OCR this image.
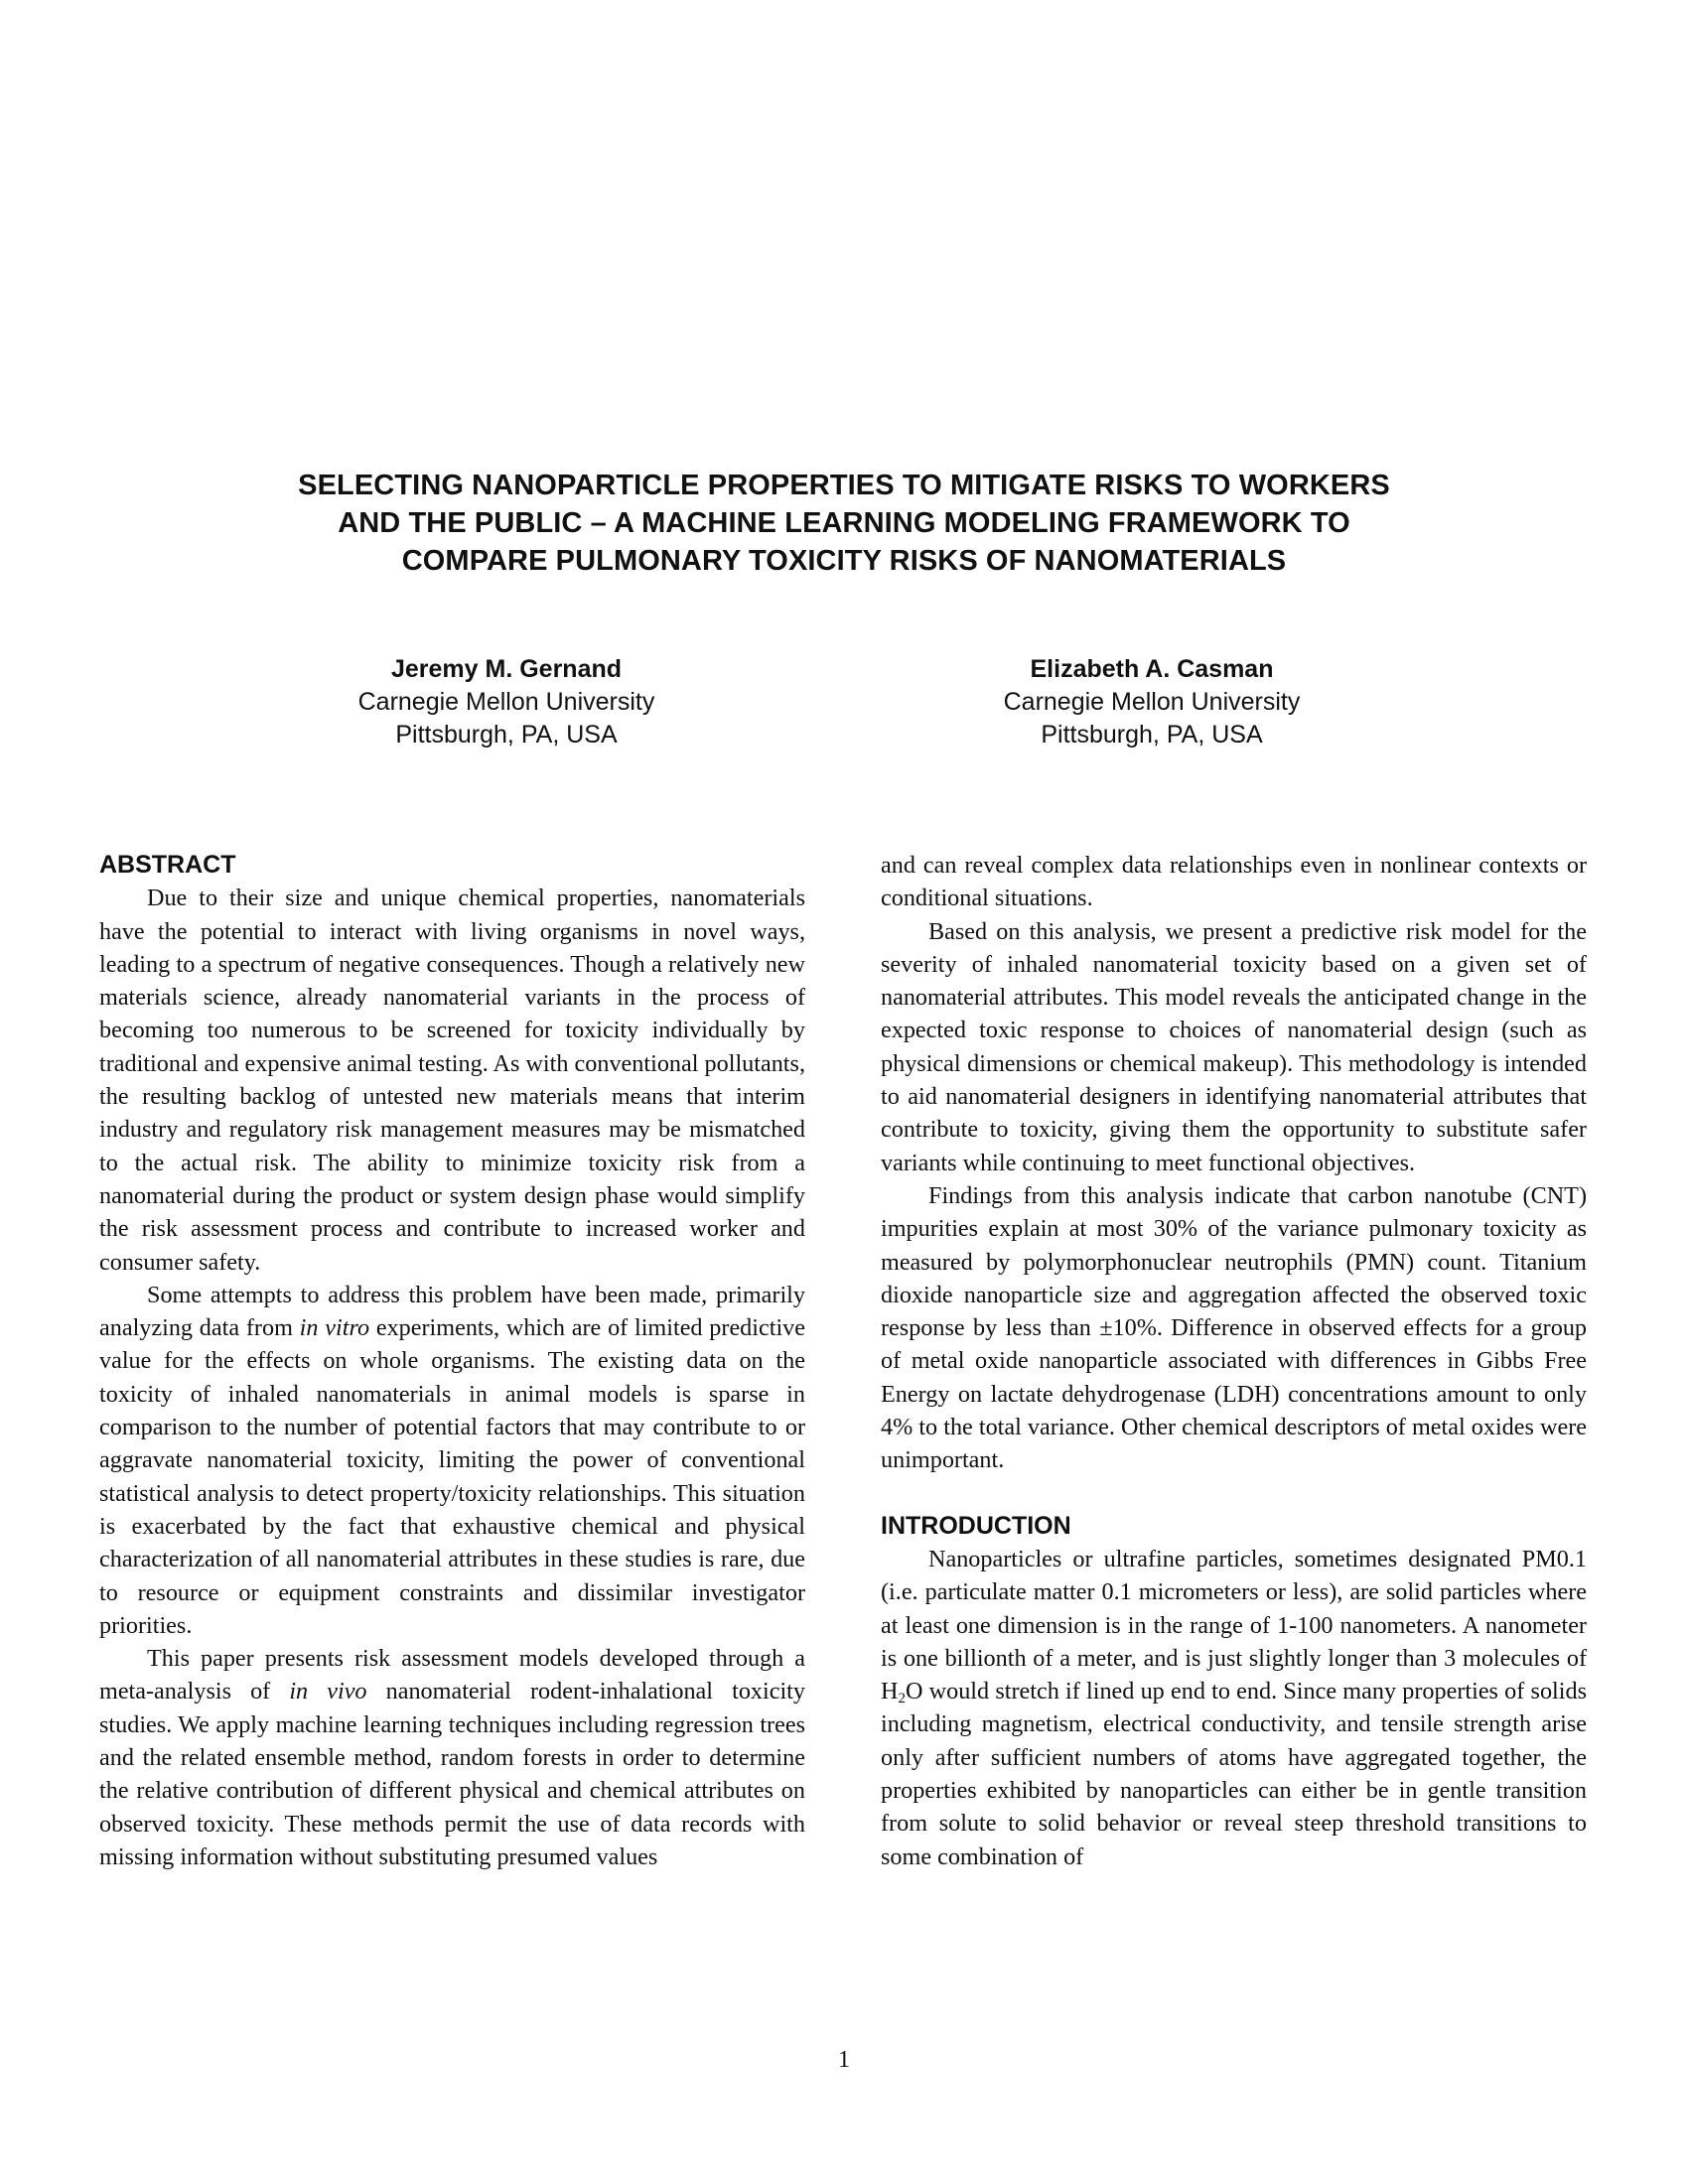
SELECTING NANOPARTICLE PROPERTIES TO MITIGATE RISKS TO WORKERS
AND THE PUBLIC – A MACHINE LEARNING MODELING FRAMEWORK TO
COMPARE PULMONARY TOXICITY RISKS OF NANOMATERIALS
Jeremy M. Gernand
Carnegie Mellon University
Pittsburgh, PA, USA
Elizabeth A. Casman
Carnegie Mellon University
Pittsburgh, PA, USA
ABSTRACT

Due to their size and unique chemical properties, nanomaterials have the potential to interact with living organisms in novel ways, leading to a spectrum of negative consequences. Though a relatively new materials science, already nanomaterial variants in the process of becoming too numerous to be screened for toxicity individually by traditional and expensive animal testing. As with conventional pollutants, the resulting backlog of untested new materials means that interim industry and regulatory risk management measures may be mismatched to the actual risk. The ability to minimize toxicity risk from a nanomaterial during the product or system design phase would simplify the risk assessment process and contribute to increased worker and consumer safety.

Some attempts to address this problem have been made, primarily analyzing data from in vitro experiments, which are of limited predictive value for the effects on whole organisms. The existing data on the toxicity of inhaled nanomaterials in animal models is sparse in comparison to the number of potential factors that may contribute to or aggravate nanomaterial toxicity, limiting the power of conventional statistical analysis to detect property/toxicity relationships. This situation is exacerbated by the fact that exhaustive chemical and physical characterization of all nanomaterial attributes in these studies is rare, due to resource or equipment constraints and dissimilar investigator priorities.

This paper presents risk assessment models developed through a meta-analysis of in vivo nanomaterial rodent-inhalational toxicity studies. We apply machine learning techniques including regression trees and the related ensemble method, random forests in order to determine the relative contribution of different physical and chemical attributes on observed toxicity. These methods permit the use of data records with missing information without substituting presumed values

and can reveal complex data relationships even in nonlinear contexts or conditional situations.

Based on this analysis, we present a predictive risk model for the severity of inhaled nanomaterial toxicity based on a given set of nanomaterial attributes. This model reveals the anticipated change in the expected toxic response to choices of nanomaterial design (such as physical dimensions or chemical makeup). This methodology is intended to aid nanomaterial designers in identifying nanomaterial attributes that contribute to toxicity, giving them the opportunity to substitute safer variants while continuing to meet functional objectives.

Findings from this analysis indicate that carbon nanotube (CNT) impurities explain at most 30% of the variance pulmonary toxicity as measured by polymorphonuclear neutrophils (PMN) count. Titanium dioxide nanoparticle size and aggregation affected the observed toxic response by less than ±10%. Difference in observed effects for a group of metal oxide nanoparticle associated with differences in Gibbs Free Energy on lactate dehydrogenase (LDH) concentrations amount to only 4% to the total variance. Other chemical descriptors of metal oxides were unimportant.

INTRODUCTION

Nanoparticles or ultrafine particles, sometimes designated PM0.1 (i.e. particulate matter 0.1 micrometers or less), are solid particles where at least one dimension is in the range of 1-100 nanometers. A nanometer is one billionth of a meter, and is just slightly longer than 3 molecules of $H_2O$ would stretch if lined up end to end. Since many properties of solids including magnetism, electrical conductivity, and tensile strength arise only after sufficient numbers of atoms have aggregated together, the properties exhibited by nanoparticles can either be in gentle transition from solute to solid behavior or reveal steep threshold transitions to some combination of

1
